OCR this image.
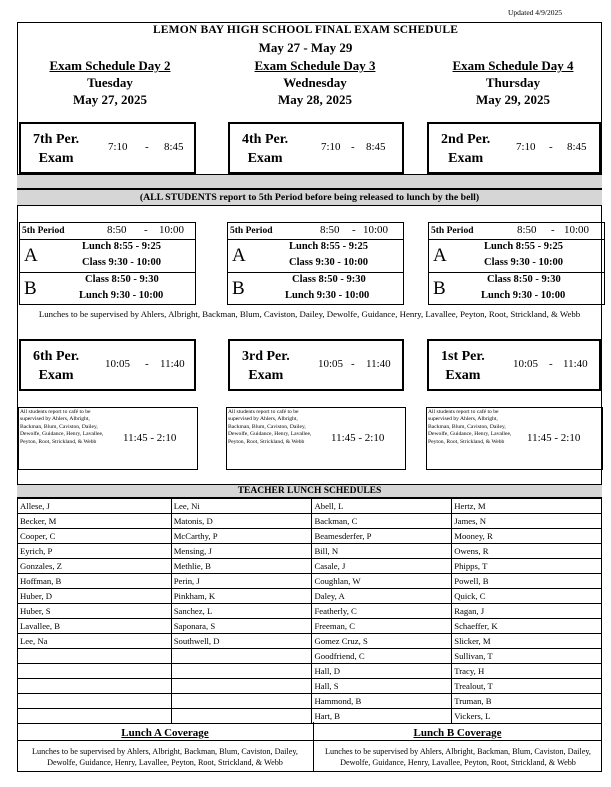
Updated 4/9/2025
LEMON BAY HIGH SCHOOL FINAL EXAM SCHEDULE
May 27 - May 29
Exam Schedule Day 2
Tuesday
May 27, 2025
Exam Schedule Day 3
Wednesday
May 28, 2025
Exam Schedule Day 4
Thursday
May 29, 2025
7th Per.
Exam
7:10 - 8:45	4th Per.
Exam
7:10 - 8:45	2nd Per.
Exam
7:10 - 8:45
(ALL STUDENTS report to 5th Period before being released to lunch by the bell)
5th Period	8:50 - 10:00
A	Lunch 8:55 - 9:25
Class 9:30 - 10:00
B	Class 8:50 - 9:30
Lunch 9:30 - 10:00
5th Period	8:50 - 10:00
A	Lunch 8:55 - 9:25
Class 9:30 - 10:00
B	Class 8:50 - 9:30
Lunch 9:30 - 10:00
5th Period	8:50 - 10:00
A	Lunch 8:55 - 9:25
Class 9:30 - 10:00
B	Class 8:50 - 9:30
Lunch 9:30 - 10:00
Lunches to be supervised by Ahlers, Albright, Backman, Blum, Caviston, Dailey, Dewolfe, Guidance, Henry, Lavallee, Peyton, Root, Strickland, & Webb
6th Per.
Exam
10:05 - 11:40	3rd Per.
Exam
10:05 - 11:40	1st Per.
Exam
10:05 - 11:40
All students report to café to be supervised by Ahlers, Albright, Backman, Blum, Caviston, Dailey, Dewolfe, Guidance, Henry, Lavallee, Peyton, Root, Strickland, & Webb	11:45 - 2:10
All students report to café to be supervised by Ahlers, Albright, Backman, Blum, Caviston, Dailey, Dewolfe, Guidance, Henry, Lavallee, Peyton, Root, Strickland, & Webb	11:45 - 2:10
All students report to café to be supervised by Ahlers, Albright, Backman, Blum, Caviston, Dailey, Dewolfe, Guidance, Henry, Lavallee, Peyton, Root, Strickland, & Webb	11:45 - 2:10
TEACHER LUNCH SCHEDULES
Allese, J	Lee, Ni	Abell, L	Hertz, M
Becker, M	Matonis, D	Backman, C	James, N
Cooper, C	McCarthy, P	Beamesderfer, P	Mooney, R
Eyrich, P	Mensing, J	Bill, N	Owens, R
Gonzales, Z	Methlie, B	Casale, J	Phipps, T
Hoffman, B	Perin, J	Coughlan, W	Powell, B
Huber, D	Pinkham, K	Daley, A	Quick, C
Huber, S	Sanchez, L	Featherly, C	Ragan, J
Lavallee, B	Saponara, S	Freeman, C	Schaeffer, K
Lee, Na	Southwell, D	Gomez Cruz, S	Slicker, M
		Goodfriend, C	Sullivan, T
		Hall, D	Tracy, H
		Hall, S	Trealout, T
		Hammond, B	Truman, B
		Hart, B	Vickers, L
Lunch A Coverage	Lunch B Coverage
Lunches to be supervised by Ahlers, Albright, Backman, Blum, Caviston, Dailey, Dewolfe, Guidance, Henry, Lavallee, Peyton, Root, Strickland, & Webb
Lunches to be supervised by Ahlers, Albright, Backman, Blum, Caviston, Dailey, Dewolfe, Guidance, Henry, Lavallee, Peyton, Root, Strickland, & Webb
